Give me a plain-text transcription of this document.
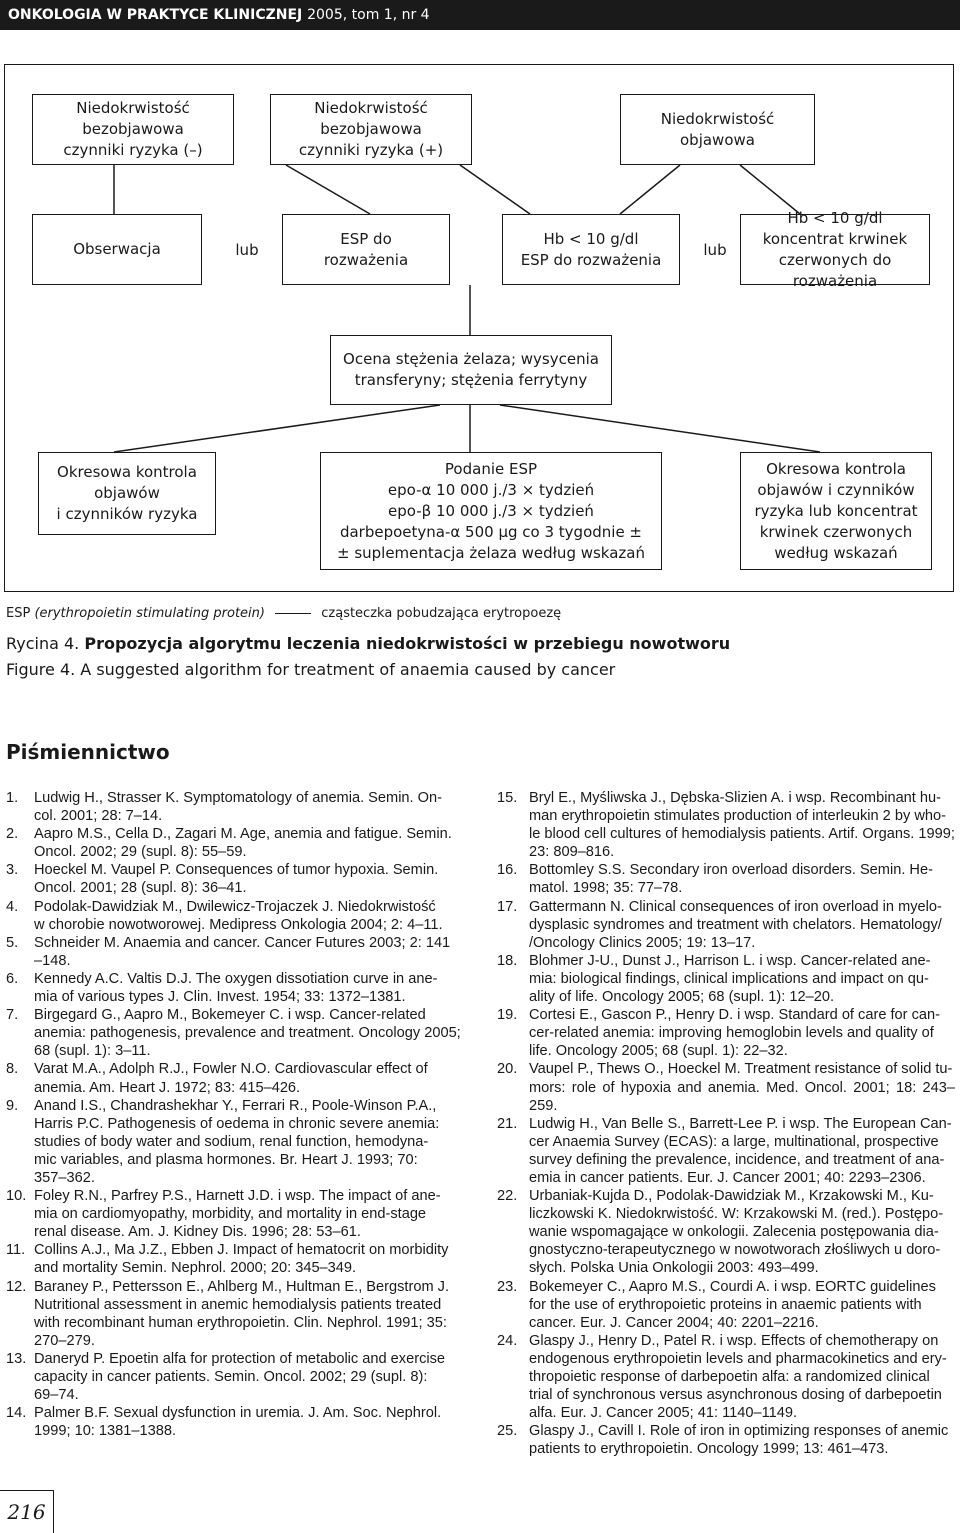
ONKOLOGIA W PRAKTYCE KLINICZNEJ 2005, tom 1, nr 4
Niedokrwistość
bezobjawowa
czynniki ryzyka (–)
Niedokrwistość
bezobjawowa
czynniki ryzyka (+)
Niedokrwistość
objawowa
Obserwacja	lub
ESP do
rozważenia
Hb < 10 g/dl
ESP do rozważenia
lub
Hb < 10 g/dl
koncentrat krwinek
czerwonych do rozważenia
Ocena stężenia żelaza; wysycenia
transferyny; stężenia ferrytyny
Okresowa kontrola
objawów
i czynników ryzyka
Podanie ESP
epo-α 10 000 j./3 × tydzień
epo-β 10 000 j./3 × tydzień
darbepoetyna-α 500 μg co 3 tygodnie ±
± suplementacja żelaza według wskazań
Okresowa kontrola
objawów i czynników
ryzyka lub koncentrat
krwinek czerwonych
według wskazań
ESP (erythropoietin stimulating protein)	cząsteczka pobudzająca erytropoezę
Rycina 4. Propozycja algorytmu leczenia niedokrwistości w przebiegu nowotworu
Figure 4. A suggested algorithm for treatment of anaemia caused by cancer
Piśmiennictwo
1.	Ludwig H., Strasser K. Symptomatology of anemia. Semin. On-
col. 2001; 28: 7–14.
2.	Aapro M.S., Cella D., Zagari M. Age, anemia and fatigue. Semin.
Oncol. 2002; 29 (supl. 8): 55–59.
3.	Hoeckel M. Vaupel P. Consequences of tumor hypoxia. Semin.
Oncol. 2001; 28 (supl. 8): 36–41.
4.	Podolak-Dawidziak M., Dwilewicz-Trojaczek J. Niedokrwistość
w chorobie nowotworowej. Medipress Onkologia 2004; 2: 4–11.
5.	Schneider M. Anaemia and cancer. Cancer Futures 2003; 2: 141
–148.
6.	Kennedy A.C. Valtis D.J. The oxygen dissotiation curve in ane-
mia of various types J. Clin. Invest. 1954; 33: 1372–1381.
7.	Birgegard G., Aapro M., Bokemeyer C. i wsp. Cancer-related
anemia: pathogenesis, prevalence and treatment. Oncology 2005;
68 (supl. 1): 3–11.
8.	Varat M.A., Adolph R.J., Fowler N.O. Cardiovascular effect of
anemia. Am. Heart J. 1972; 83: 415–426.
9.	Anand I.S., Chandrashekhar Y., Ferrari R., Poole-Winson P.A.,
Harris P.C. Pathogenesis of oedema in chronic severe anemia:
studies of body water and sodium, renal function, hemodyna-
mic variables, and plasma hormones. Br. Heart J. 1993; 70:
357–362.
10. Foley R.N., Parfrey P.S., Harnett J.D. i wsp. The impact of ane-
mia on cardiomyopathy, morbidity, and mortality in end-stage
renal disease. Am. J. Kidney Dis. 1996; 28: 53–61.
11. Collins A.J., Ma J.Z., Ebben J. Impact of hematocrit on morbidity
and mortality Semin. Nephrol. 2000; 20: 345–349.
12. Baraney P., Pettersson E., Ahlberg M., Hultman E., Bergstrom J.
Nutritional assessment in anemic hemodialysis patients treated
with recombinant human erythropoietin. Clin. Nephrol. 1991; 35:
270–279.
13. Daneryd P. Epoetin alfa for protection of metabolic and exercise
capacity in cancer patients. Semin. Oncol. 2002; 29 (supl. 8):
69–74.
14. Palmer B.F. Sexual dysfunction in uremia. J. Am. Soc. Nephrol.
1999; 10: 1381–1388.
15. Bryl E., Myśliwska J., Dębska-Slizien A. i wsp. Recombinant hu-
man erythropoietin stimulates production of interleukin 2 by who-
le blood cell cultures of hemodialysis patients. Artif. Organs. 1999;
23: 809–816.
16. Bottomley S.S. Secondary iron overload disorders. Semin. He-
matol. 1998; 35: 77–78.
17. Gattermann N. Clinical consequences of iron overload in myelo-
dysplasic syndromes and treatment with chelators. Hematology/
/Oncology Clinics 2005; 19: 13–17.
18. Blohmer J-U., Dunst J., Harrison L. i wsp. Cancer-related ane-
mia: biological findings, clinical implications and impact on qu-
ality of life. Oncology 2005; 68 (supl. 1): 12–20.
19. Cortesi E., Gascon P., Henry D. i wsp. Standard of care for can-
cer-related anemia: improving hemoglobin levels and quality of
life. Oncology 2005; 68 (supl. 1): 22–32.
20. Vaupel P., Thews O., Hoeckel M. Treatment resistance of solid tu-
mors: role of hypoxia and anemia. Med. Oncol. 2001; 18: 243–259.
21. Ludwig H., Van Belle S., Barrett-Lee P. i wsp. The European Can-
cer Anaemia Survey (ECAS): a large, multinational, prospective
survey defining the prevalence, incidence, and treatment of ana-
emia in cancer patients. Eur. J. Cancer 2001; 40: 2293–2306.
22. Urbaniak-Kujda D., Podolak-Dawidziak M., Krzakowski M., Ku-
liczkowski K. Niedokrwistość. W: Krzakowski M. (red.). Postępo-
wanie wspomagające w onkologii. Zalecenia postępowania dia-
gnostyczno-terapeutycznego w nowotworach złośliwych u doro-
słych. Polska Unia Onkologii 2003: 493–499.
23. Bokemeyer C., Aapro M.S., Courdi A. i wsp. EORTC guidelines
for the use of erythropoietic proteins in anaemic patients with
cancer. Eur. J. Cancer 2004; 40: 2201–2216.
24. Glaspy J., Henry D., Patel R. i wsp. Effects of chemotherapy on
endogenous erythropoietin levels and pharmacokinetics and ery-
thropoietic response of darbepoetin alfa: a randomized clinical
trial of synchronous versus asynchronous dosing of darbepoetin
alfa. Eur. J. Cancer 2005; 41: 1140–1149.
25. Glaspy J., Cavill I. Role of iron in optimizing responses of anemic
patients to erythropoietin. Oncology 1999; 13: 461–473.
216
